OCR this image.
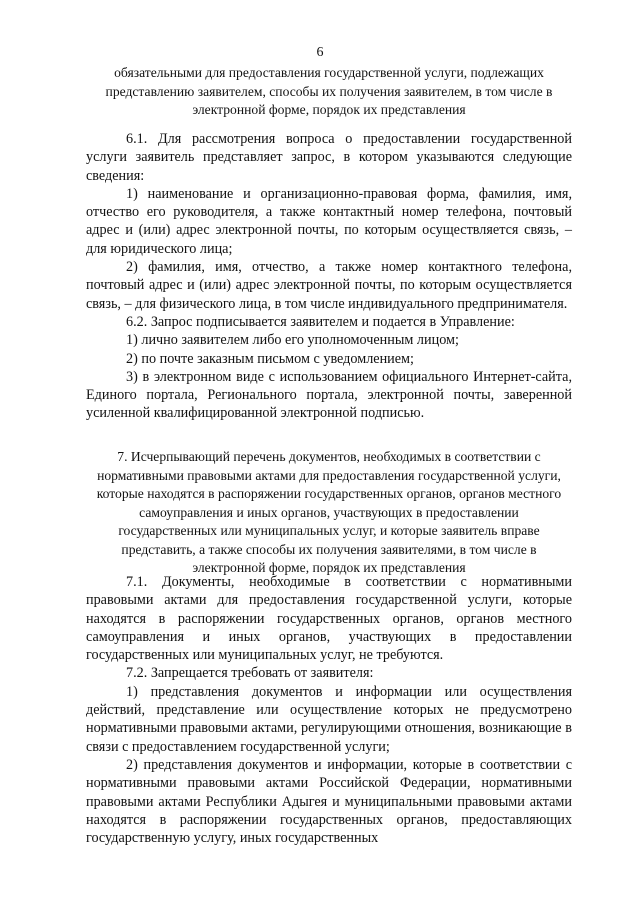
6
обязательными для предоставления государственной услуги, подлежащих представлению заявителем, способы их получения заявителем, в том числе в электронной форме, порядок их представления

6.1. Для рассмотрения вопроса о предоставлении государственной услуги заявитель представляет запрос, в котором указываются следующие сведения:

1) наименование и организационно-правовая форма, фамилия, имя, отчество его руководителя, а также контактный номер телефона, почтовый адрес и (или) адрес электронной почты, по которым осуществляется связь, – для юридического лица;

2) фамилия, имя, отчество, а также номер контактного телефона, почтовый адрес и (или) адрес электронной почты, по которым осуществляется связь, – для физического лица, в том числе индивидуального предпринимателя.

6.2. Запрос подписывается заявителем и подается в Управление:

1) лично заявителем либо его уполномоченным лицом;

2) по почте заказным письмом с уведомлением;

3) в электронном виде с использованием официального Интернет-сайта, Единого портала, Регионального портала, электронной почты, заверенной усиленной квалифицированной электронной подписью.

7. Исчерпывающий перечень документов, необходимых в соответствии с нормативными правовыми актами для предоставления государственной услуги, которые находятся в распоряжении государственных органов, органов местного самоуправления и иных органов, участвующих в предоставлении государственных или муниципальных услуг, и которые заявитель вправе представить, а также способы их получения заявителями, в том числе в электронной форме, порядок их представления

7.1. Документы, необходимые в соответствии с нормативными правовыми актами для предоставления государственной услуги, которые находятся в распоряжении государственных органов, органов местного самоуправления и иных органов, участвующих в предоставлении государственных или муниципальных услуг, не требуются.

7.2. Запрещается требовать от заявителя:

1) представления документов и информации или осуществления действий, представление или осуществление которых не предусмотрено нормативными правовыми актами, регулирующими отношения, возникающие в связи с предоставлением государственной услуги;

2) представления документов и информации, которые в соответствии с нормативными правовыми актами Российской Федерации, нормативными правовыми актами Республики Адыгея и муниципальными правовыми актами находятся в распоряжении государственных органов, предоставляющих государственную услугу, иных государственных
